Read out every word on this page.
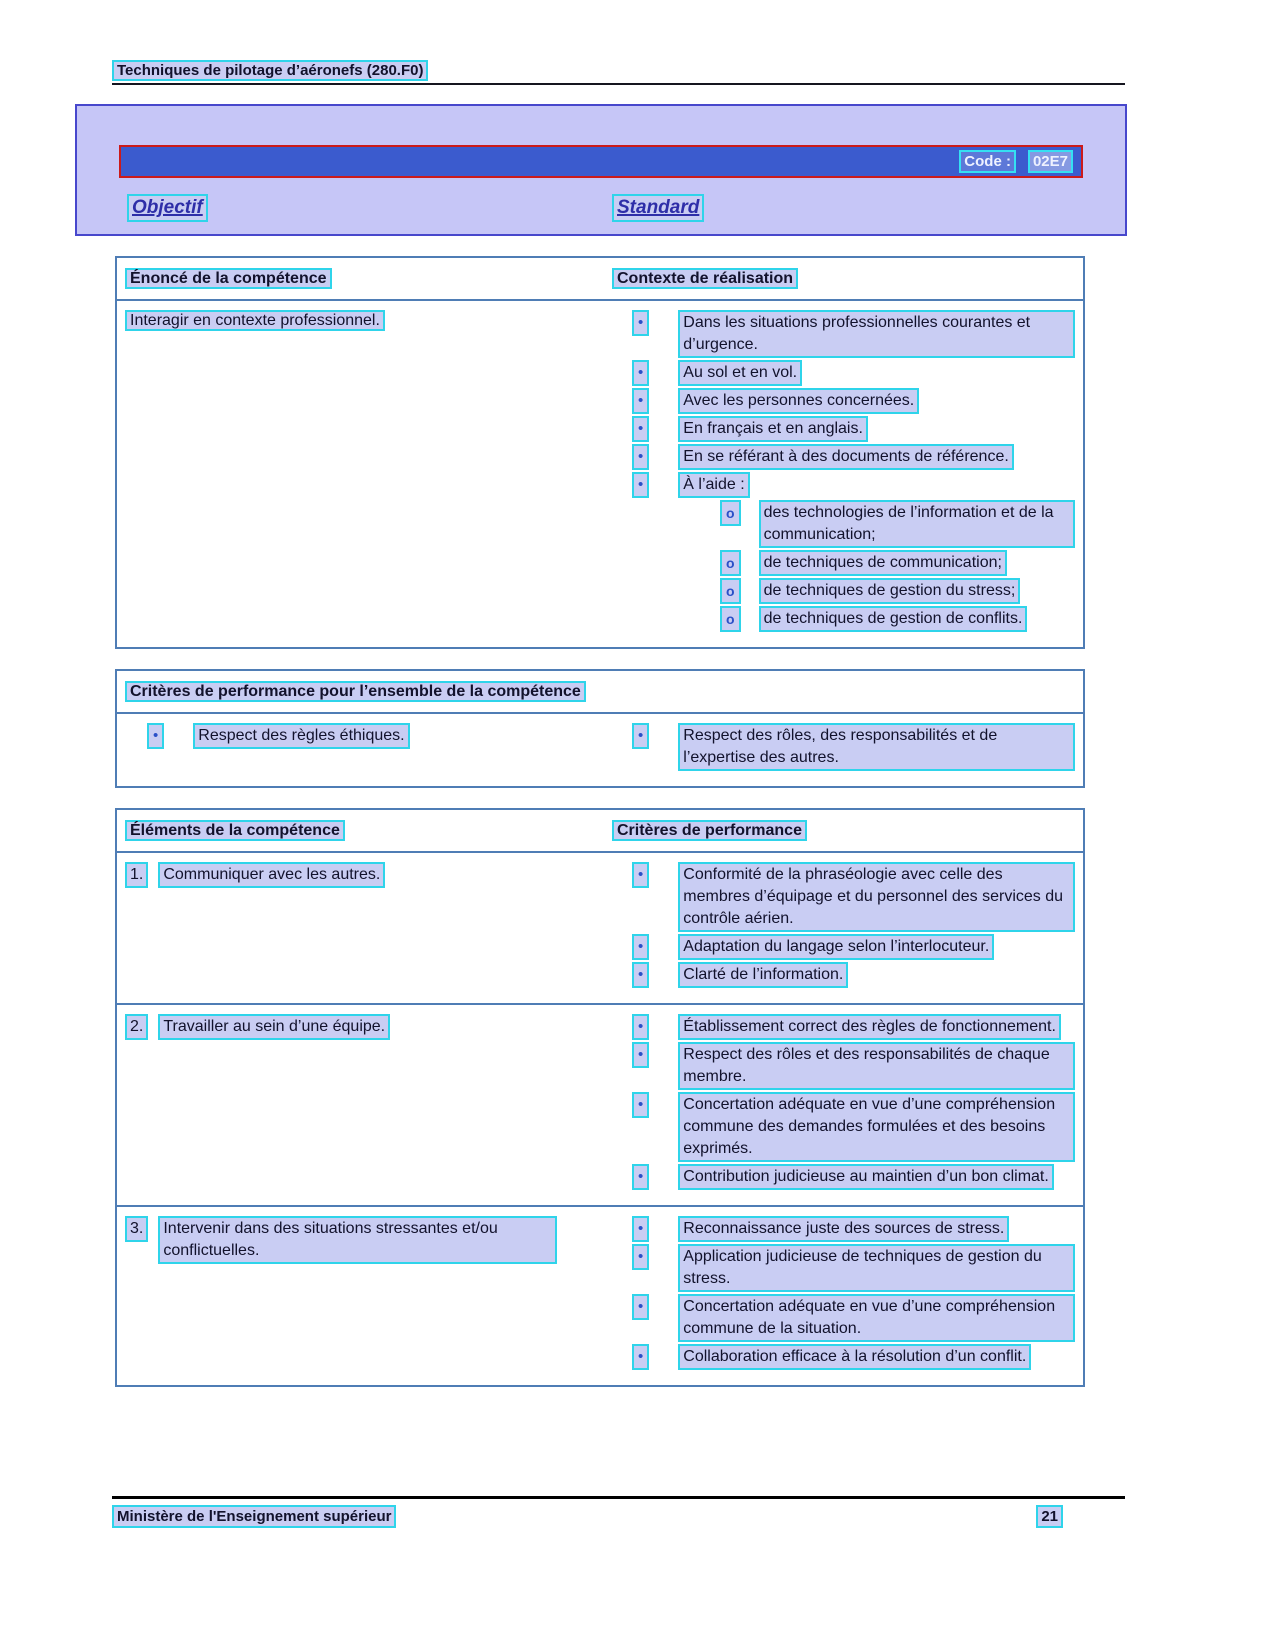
Techniques de pilotage d’aéronefs (280.F0)
Code :	02E7
Objectif	Standard
Énoncé de la compétence	Contexte de réalisation
Interagir en contexte professionnel.	•	Dans les situations professionnelles courantes et d’urgence.
•	Au sol et en vol.
•	Avec les personnes concernées.
•	En français et en anglais.
•	En se référant à des documents de référence.
•	À l’aide :
o	des technologies de l’information et de la communication;
o	de techniques de communication;
o	de techniques de gestion du stress;
o	de techniques de gestion de conflits.
Critères de performance pour l’ensemble de la compétence
•	Respect des règles éthiques.	•	Respect des rôles, des responsabilités et de l’expertise des autres.
Éléments de la compétence	Critères de performance
1.	Communiquer avec les autres.	•	Conformité de la phraséologie avec celle des membres d’équipage et du personnel des services du contrôle aérien.
•	Adaptation du langage selon l’interlocuteur.
•	Clarté de l’information.
2.	Travailler au sein d’une équipe.	•	Établissement correct des règles de fonctionnement.
•	Respect des rôles et des responsabilités de chaque membre.
•	Concertation adéquate en vue d’une compréhension commune des demandes formulées et des besoins exprimés.
•	Contribution judicieuse au maintien d’un bon climat.
3.	Intervenir dans des situations stressantes et/ou conflictuelles.
•	Reconnaissance juste des sources de stress.
•	Application judicieuse de techniques de gestion du stress.
•	Concertation adéquate en vue d’une compréhension commune de la situation.
•	Collaboration efficace à la résolution d’un conflit.
Ministère de l'Enseignement supérieur	21
